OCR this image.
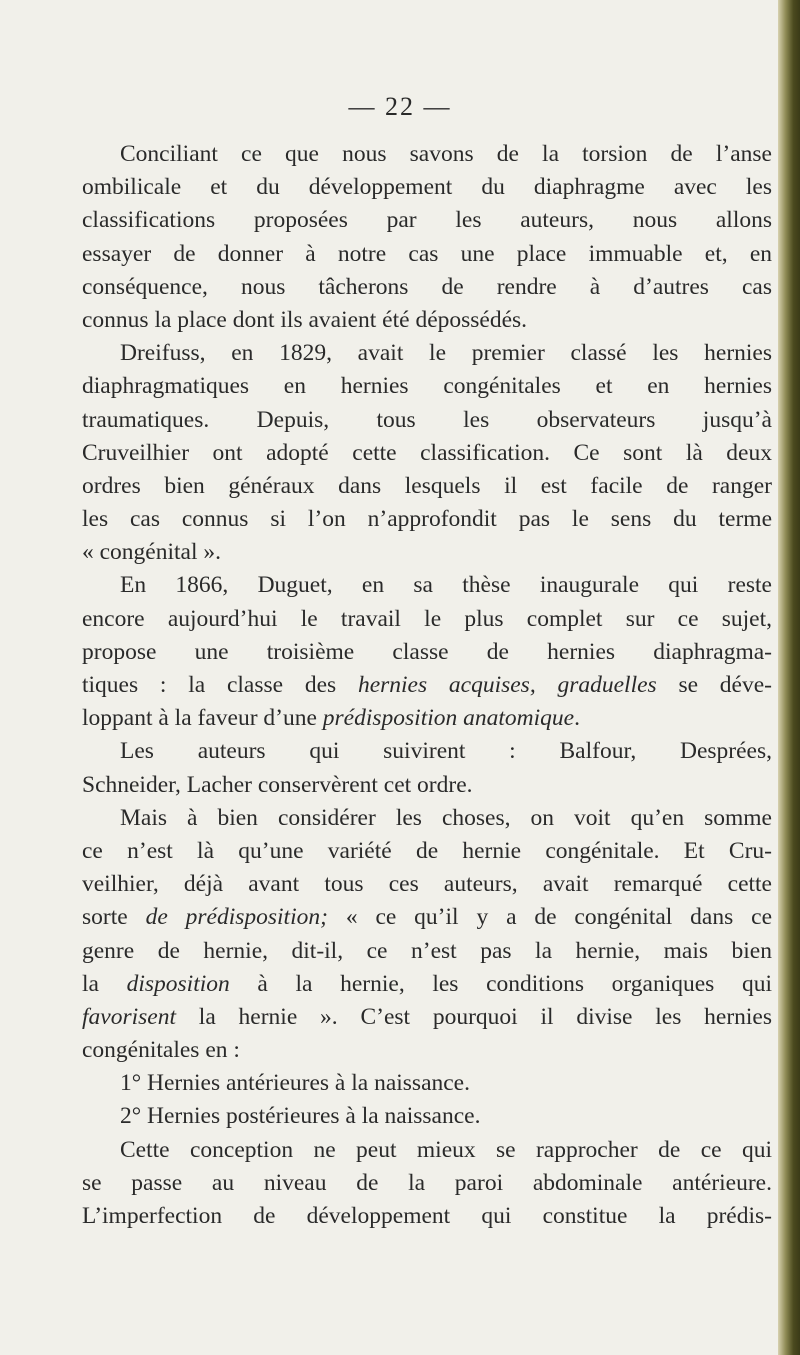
— 22 —
Conciliant ce que nous savons de la torsion de l’anse
ombilicale et du développement du diaphragme avec les
classifications proposées par les auteurs, nous allons
essayer de donner à notre cas une place immuable et, en
conséquence, nous tâcherons de rendre à d’autres cas
connus la place dont ils avaient été dépossédés.
Dreifuss, en 1829, avait le premier classé les hernies
diaphragmatiques en hernies congénitales et en hernies
traumatiques. Depuis, tous les observateurs jusqu’à
Cruveilhier ont adopté cette classification. Ce sont là deux
ordres bien généraux dans lesquels il est facile de ranger
les cas connus si l’on n’approfondit pas le sens du terme
« congénital ».
En 1866, Duguet, en sa thèse inaugurale qui reste
encore aujourd’hui le travail le plus complet sur ce sujet,
propose une troisième classe de hernies diaphragma-
tiques : la classe des hernies acquises, graduelles se déve-
loppant à la faveur d’une prédisposition anatomique.
Les auteurs qui suivirent : Balfour, Desprées,
Schneider, Lacher conservèrent cet ordre.
Mais à bien considérer les choses, on voit qu’en somme
ce n’est là qu’une variété de hernie congénitale. Et Cru-
veilhier, déjà avant tous ces auteurs, avait remarqué cette
sorte de prédisposition; « ce qu’il y a de congénital dans ce
genre de hernie, dit-il, ce n’est pas la hernie, mais bien
la disposition à la hernie, les conditions organiques qui
favorisent la hernie ». C’est pourquoi il divise les hernies
congénitales en :
1° Hernies antérieures à la naissance.
2° Hernies postérieures à la naissance.
Cette conception ne peut mieux se rapprocher de ce qui
se passe au niveau de la paroi abdominale antérieure.
L’imperfection de développement qui constitue la prédis-
